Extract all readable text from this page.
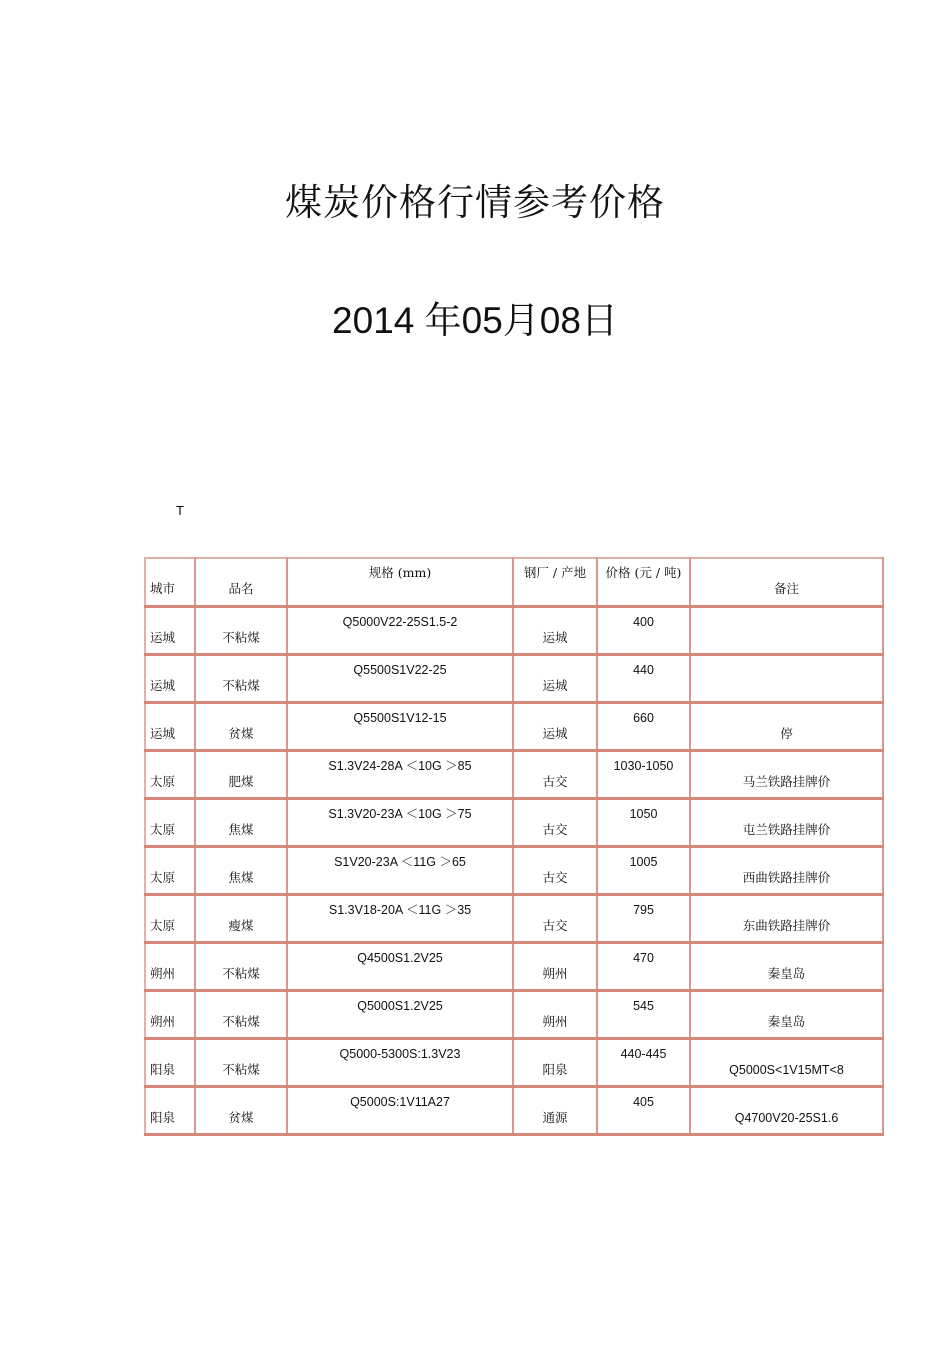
煤炭价格行情参考价格
2014 年05月08日
T
城市	品名	规格 (mm)	钢厂 / 产地	价格 (元 / 吨)	备注

运城	不粘煤	Q5000V22-25S1.5-2	运城	400	

运城	不粘煤	Q5500S1V22-25	运城	440	

运城	贫煤	Q5500S1V12-15	运城	660	停

太原	肥煤	S1.3V24-28A ＜10G ＞85	古交	1030-1050	马兰铁路挂牌价

太原	焦煤	S1.3V20-23A ＜10G ＞75	古交	1050	屯兰铁路挂牌价

太原	焦煤	S1V20-23A ＜11G ＞65	古交	1005	西曲铁路挂牌价

太原	瘦煤	S1.3V18-20A ＜11G ＞35	古交	795	东曲铁路挂牌价

朔州	不粘煤	Q4500S1.2V25	朔州	470	秦皇岛

朔州	不粘煤	Q5000S1.2V25	朔州	545	秦皇岛

阳泉	不粘煤	Q5000-5300S:1.3V23	阳泉	440-445	Q5000S<1V15MT<8

阳泉	贫煤	Q5000S:1V11A27	通源	405	Q4700V20-25S1.6
